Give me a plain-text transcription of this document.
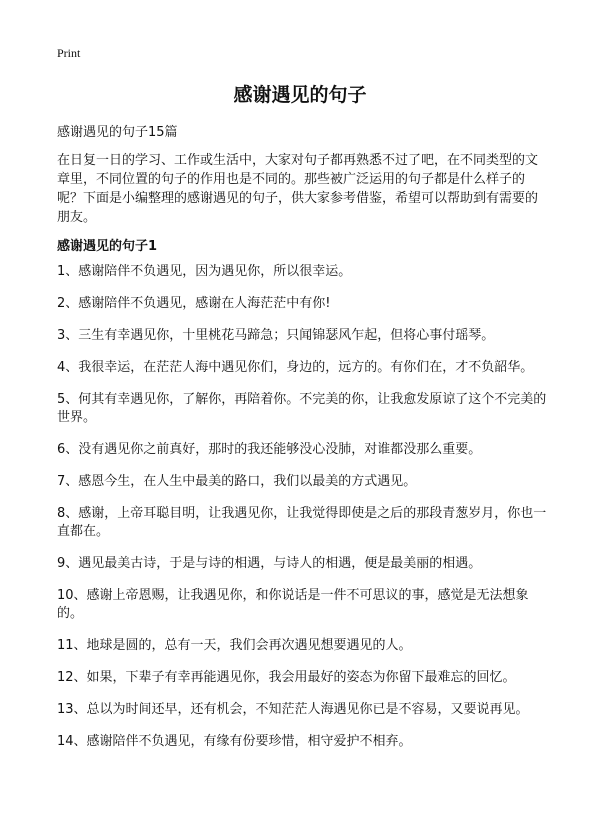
Print
感谢遇见的句子
感谢遇见的句子15篇
在日复一日的学习、工作或生活中，大家对句子都再熟悉不过了吧，在不同类型的文章里，不同位置的句子的作用也是不同的。那些被广泛运用的句子都是什么样子的呢？下面是小编整理的感谢遇见的句子，供大家参考借鉴，希望可以帮助到有需要的朋友。
感谢遇见的句子1
1、感谢陪伴不负遇见，因为遇见你，所以很幸运。
2、感谢陪伴不负遇见，感谢在人海茫茫中有你!
3、三生有幸遇见你，十里桃花马蹄急；只闻锦瑟风乍起，但将心事付瑶琴。
4、我很幸运，在茫茫人海中遇见你们，身边的，远方的。有你们在，才不负韶华。
5、何其有幸遇见你，了解你，再陪着你。不完美的你，让我愈发原谅了这个不完美的世界。
6、没有遇见你之前真好，那时的我还能够没心没肺，对谁都没那么重要。
7、感恩今生，在人生中最美的路口，我们以最美的方式遇见。
8、感谢，上帝耳聪目明，让我遇见你，让我觉得即使是之后的那段青葱岁月，你也一直都在。
9、遇见最美古诗，于是与诗的相遇，与诗人的相遇，便是最美丽的相遇。
10、感谢上帝恩赐，让我遇见你，和你说话是一件不可思议的事，感觉是无法想象的。
11、地球是圆的，总有一天，我们会再次遇见想要遇见的人。
12、如果，下辈子有幸再能遇见你，我会用最好的姿态为你留下最难忘的回忆。
13、总以为时间还早，还有机会，不知茫茫人海遇见你已是不容易，又要说再见。
14、感谢陪伴不负遇见，有缘有份要珍惜，相守爱护不相弃。
